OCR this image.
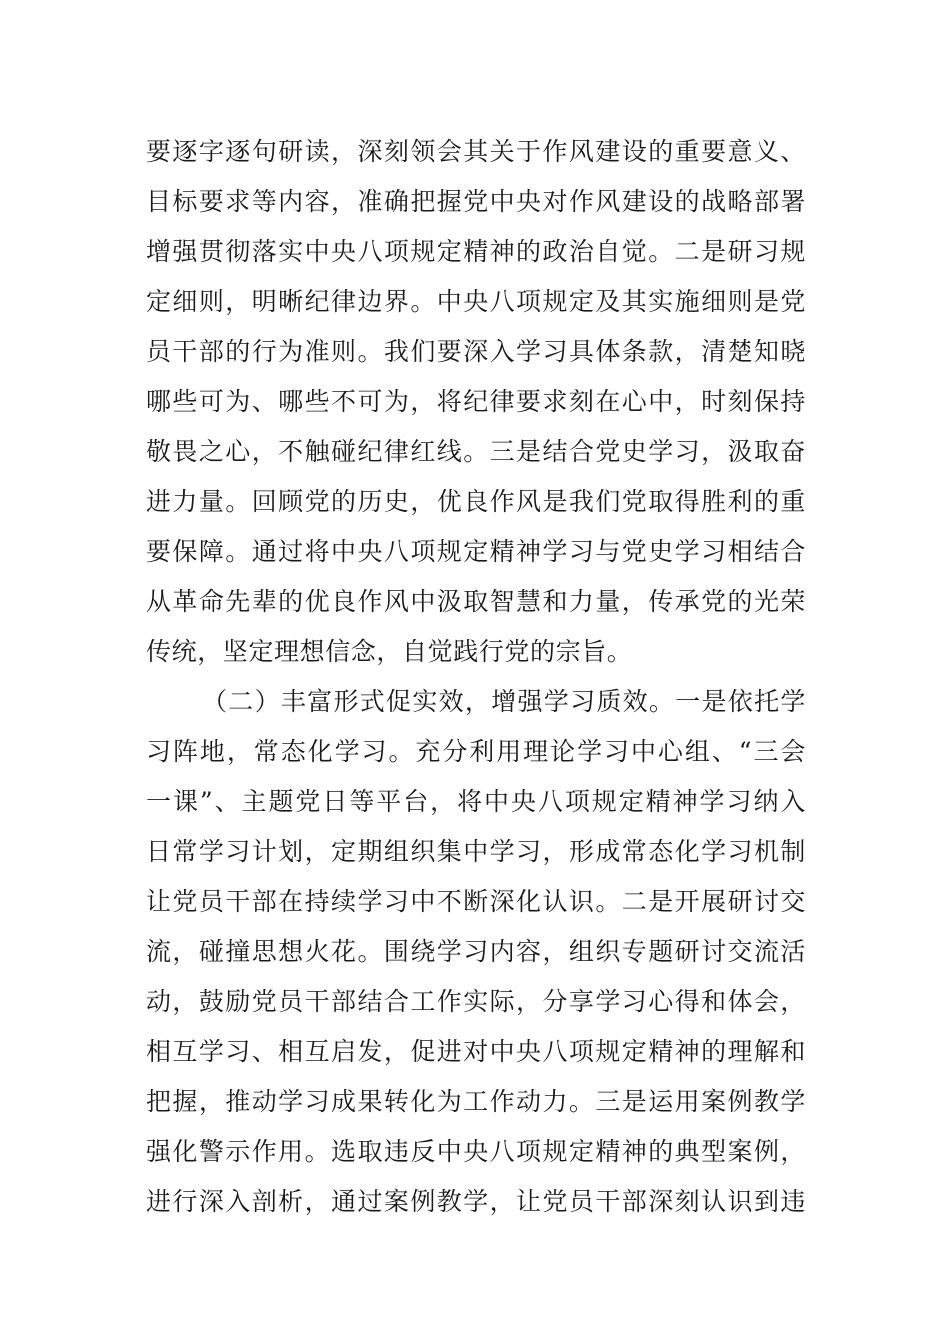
要逐字逐句研读，深刻领会其关于作风建设的重要意义、
目标要求等内容，准确把握党中央对作风建设的战略部署
增强贯彻落实中央八项规定精神的政治自觉。二是研习规
定细则，明晰纪律边界。中央八项规定及其实施细则是党
员干部的行为准则。我们要深入学习具体条款，清楚知晓
哪些可为、哪些不可为，将纪律要求刻在心中，时刻保持
敬畏之心，不触碰纪律红线。三是结合党史学习，汲取奋
进力量。回顾党的历史，优良作风是我们党取得胜利的重
要保障。通过将中央八项规定精神学习与党史学习相结合
从革命先辈的优良作风中汲取智慧和力量，传承党的光荣
传统，坚定理想信念，自觉践行党的宗旨。
（二）丰富形式促实效，增强学习质效。一是依托学
习阵地，常态化学习。充分利用理论学习中心组、“三会
一课”、主题党日等平台，将中央八项规定精神学习纳入
日常学习计划，定期组织集中学习，形成常态化学习机制
让党员干部在持续学习中不断深化认识。二是开展研讨交
流，碰撞思想火花。围绕学习内容，组织专题研讨交流活
动，鼓励党员干部结合工作实际，分享学习心得和体会，
相互学习、相互启发，促进对中央八项规定精神的理解和
把握，推动学习成果转化为工作动力。三是运用案例教学
强化警示作用。选取违反中央八项规定精神的典型案例，
进行深入剖析，通过案例教学，让党员干部深刻认识到违
